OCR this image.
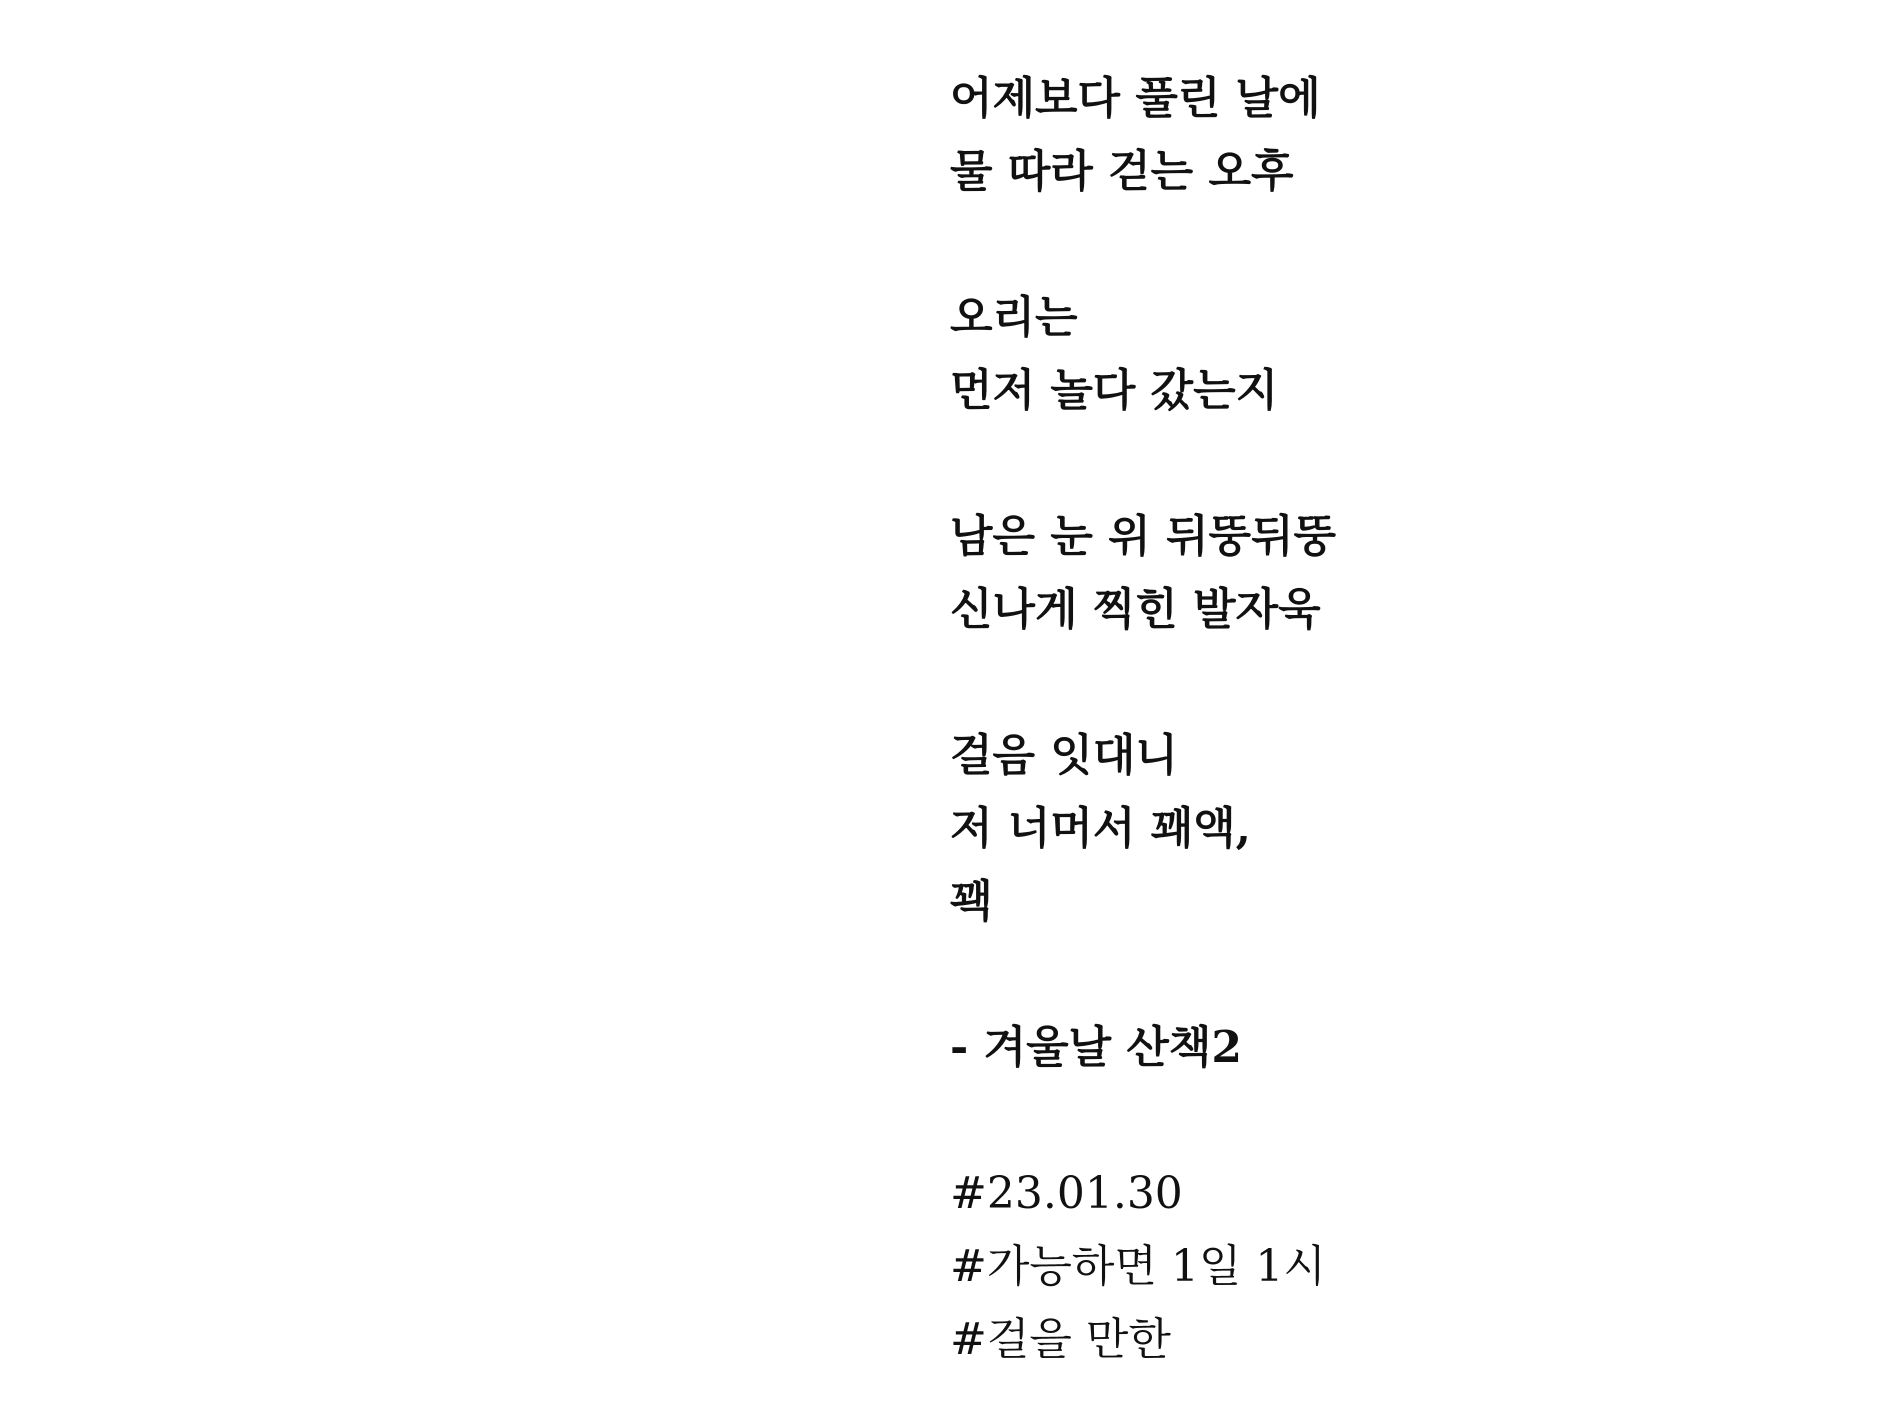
어제보다 풀린 날에
물 따라 걷는 오후
오리는
먼저 놀다 갔는지
남은 눈 위 뒤뚱뒤뚱
신나게 찍힌 발자욱
걸음 잇대니
저 너머서 꽤액,
꽥
- 겨울날 산책2
#23.01.30
#가능하면 1일 1시
#걸을 만한
